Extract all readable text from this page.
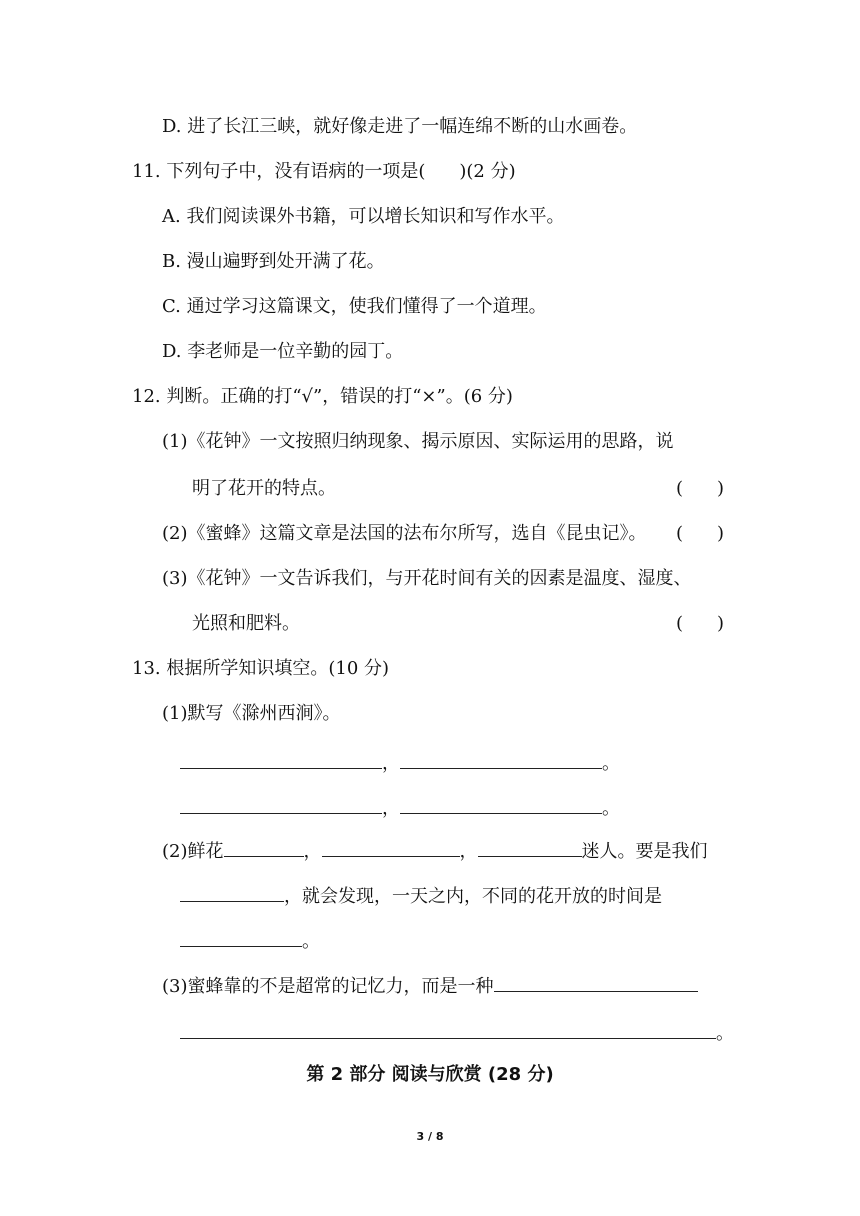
D. 进了长江三峡，就好像走进了一幅连绵不断的山水画卷。
11. 下列句子中，没有语病的一项是( )(2 分)
A. 我们阅读课外书籍，可以增长知识和写作水平。
B. 漫山遍野到处开满了花。
C. 通过学习这篇课文，使我们懂得了一个道理。
D. 李老师是一位辛勤的园丁。
12. 判断。正确的打“√”，错误的打“×”。(6 分)
(1)《花钟》一文按照归纳现象、揭示原因、实际运用的思路，说
明了花开的特点。	( )
(2)《蜜蜂》这篇文章是法国的法布尔所写，选自《昆虫记》。 ( )
(3)《花钟》一文告诉我们，与开花时间有关的因素是温度、湿度、
光照和肥料。	( )
13. 根据所学知识填空。(10 分)
(1)默写《滁州西涧》。
，	。
，	。
(2)鲜花	，	，	迷人。要是我们
，就会发现，一天之内，不同的花开放的时间是
。
(3)蜜蜂靠的不是超常的记忆力，而是一种
。
第 2 部分 阅读与欣赏 (28 分)
3 / 8
